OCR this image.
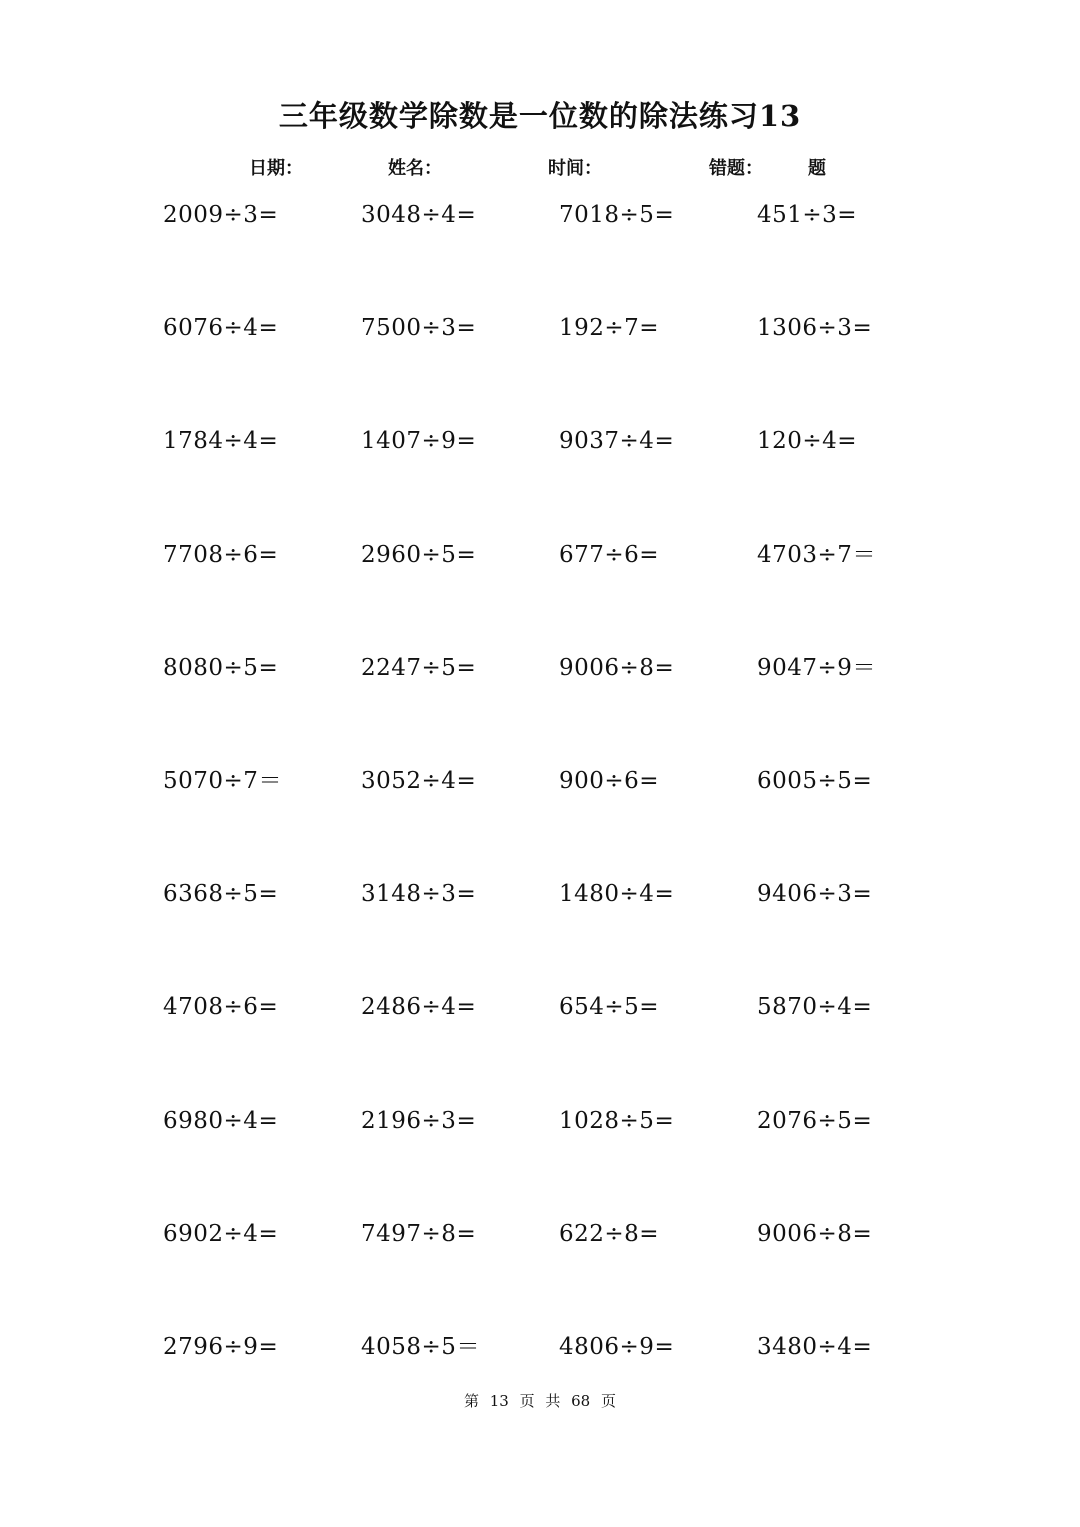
三年级数学除数是一位数的除法练习13
日期：	姓名：	时间：	错题：	题
2009÷3=	3048÷4=	7018÷5=	451÷3=
6076÷4=	7500÷3=	192÷7=	1306÷3=
1784÷4=	1407÷9=	9037÷4=	120÷4=
7708÷6=	2960÷5=	677÷6=	4703÷7＝
8080÷5=	2247÷5=	9006÷8=	9047÷9＝
5070÷7＝	3052÷4=	900÷6=	6005÷5=
6368÷5=	3148÷3=	1480÷4=	9406÷3=
4708÷6=	2486÷4=	654÷5=	5870÷4=
6980÷4=	2196÷3=	1028÷5=	2076÷5=
6902÷4=	7497÷8=	622÷8=	9006÷8=
2796÷9=	4058÷5＝	4806÷9=	3480÷4=
第 13 页 共 68 页
